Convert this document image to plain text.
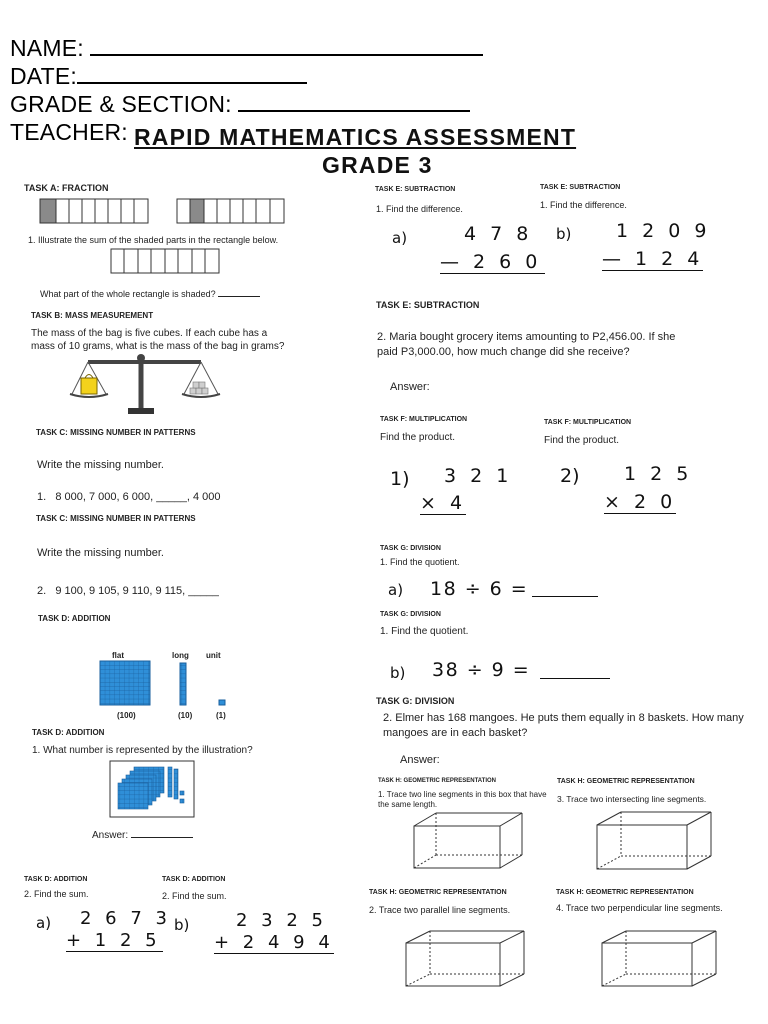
NAME:
DATE:
GRADE & SECTION:
TEACHER: RAPID MATHEMATICS ASSESSMENT
GRADE 3
TASK A: FRACTION
1. Illustrate the sum of the shaded parts in the rectangle below.
What part of the whole rectangle is shaded?
TASK B: MASS MEASUREMENT
The mass of the bag is five cubes. If each cube has a mass of 10 grams, what is the mass of the bag in grams?
TASK C: MISSING NUMBER IN PATTERNS
Write the missing number.
1. 8 000, 7 000, 6 000, _____, 4 000
TASK C: MISSING NUMBER IN PATTERNS
Write the missing number.
2. 9 100, 9 105, 9 110, 9 115, _____
TASK D: ADDITION
flat	long unit
(100)	(10)	(1)
TASK D: ADDITION
1. What number is represented by the illustration?
Answer:
TASK D: ADDITION	TASK D: ADDITION
2. Find the sum.	2. Find the sum.
a) 2 6 7 3
+ 1 2 5
b)	2 3 2 5
+ 2 4 9 4
TASK E: SUBTRACTION	TASK E: SUBTRACTION
1. Find the difference.	1. Find the difference.
a)	4 7 8
— 2 6 0
b) 1 2 0 9
— 1 2 4
TASK E: SUBTRACTION
2. Maria bought grocery items amounting to P2,456.00. If she paid P3,000.00, how much change did she receive?
Answer:
TASK F: MULTIPLICATION	TASK F: MULTIPLICATION
Find the product.	Find the product.
1) 3 2 1
× 4
2) 1 2 5
× 2 0
TASK G: DIVISION
1. Find the quotient.
a) 18 ÷ 6 =
TASK G: DIVISION
1. Find the quotient.
b) 38 ÷ 9 =
TASK G: DIVISION
2. Elmer has 168 mangoes. He puts them equally in 8 baskets. How many mangoes are in each basket?
Answer:
TASK H: GEOMETRIC REPRESENTATION	TASK H: GEOMETRIC REPRESENTATION
1. Trace two line segments in this box that have the same length.
3. Trace two intersecting line segments.
TASK H: GEOMETRIC REPRESENTATION	TASK H: GEOMETRIC REPRESENTATION
2. Trace two parallel line segments.	4. Trace two perpendicular line segments.
